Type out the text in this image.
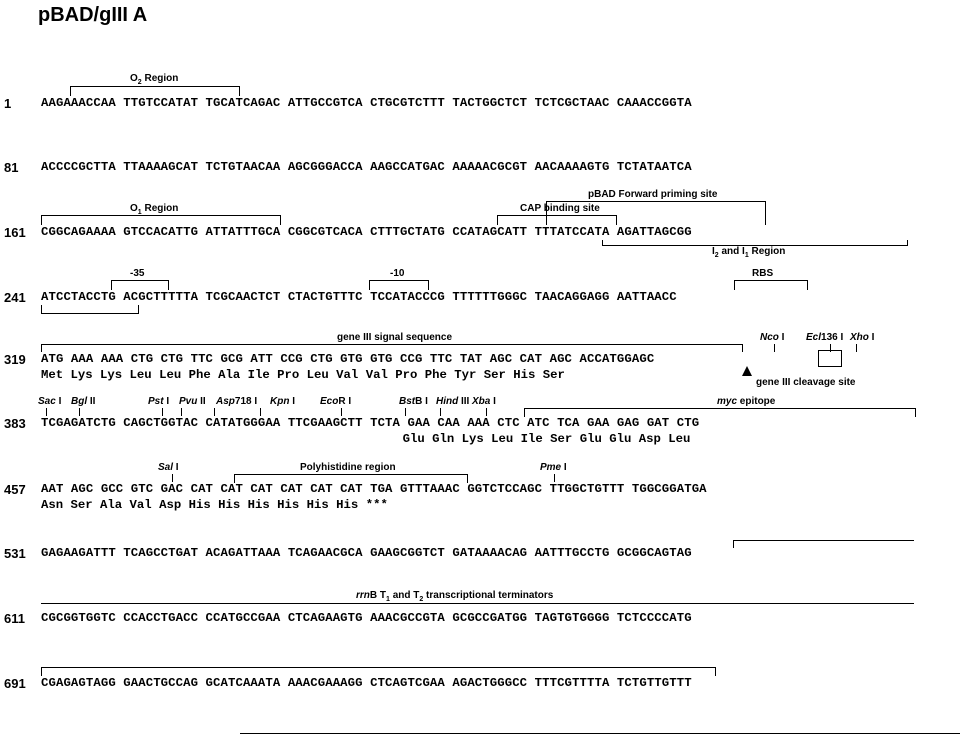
pBAD/gIII A
1 AAGAAACCAA TTGTCCATAT TGCATCAGAC ATTGCCGTCA CTGCGTCTTT TACTGGCTCT TCTCGCTAAC CAAACCGGTA
$O_2$ Region
81 ACCCCGCTTA TTAAAAGCAT TCTGTAACAA AGCGGGACCA AAGCCATGAC AAAAACGCGT AACAAAAGTG TCTATAATCA
161 CGGCAGAAAA GTCCACATTG ATTATTTGCA CGGCGTCACA CTTTGCTATG CCATAGCATT TTTATCCATA AGATTAGCGG
$O_1$ Region
pBAD Forward priming site
CAP binding site
$I_2$ and $I_1$ Region
241 ATCCTACCTG ACGCTTTTTA TCGCAACTCT CTACTGTTTC TCCATACCCG TTTTTTGGGC TAACAGGAGG AATTAACC
-35	-10	RBS
319 ATG AAA AAA CTG CTG TTC GCG ATT CCG CTG GTG GTG CCG TTC TAT AGC CAT AGC ACCATGGAGC
Met Lys Lys Leu Leu Phe Ala Ile Pro Leu Val Val Pro Phe Tyr Ser His Ser
gene III signal sequence	Nco I Ecl136 I Xho I
gene III cleavage site
383 TCGAGATCTG CAGCTGGTAC CATATGGGAA TTCGAAGCTT TCTA GAA CAA AAA CTC ATC TCA GAA GAG GAT CTG
Glu Gln Lys Leu Ile Ser Glu Glu Asp Leu
Sac I Bgl II	Pst I Pvu II Asp718 I Kpn I EcoR I	BstB I Hind III Xba I	myc epitope
457 AAT AGC GCC GTC GAC CAT CAT CAT CAT CAT CAT TGA GTTTAAAC GGTCTCCAGC TTGGCTGTTT TGGCGGATGA
Asn Ser Ala Val Asp His His His His His His ***
Sal I	Polyhistidine region	Pme I
531 GAGAAGATTT TCAGCCTGAT ACAGATTAAA TCAGAACGCA GAAGCGGTCT GATAAAACAG AATTTGCCTG GCGGCAGTAG
611 CGCGGTGGTC CCACCTGACC CCATGCCGAA CTCAGAAGTG AAACGCCGTA GCGCCGATGG TAGTGTGGGG TCTCCCCATG
rrnB $T_1$ and $T_2$ transcriptional terminators
691 CGAGAGTAGG GAACTGCCAG GCATCAAATA AAACGAAAGG CTCAGTCGAA AGACTGGGCC TTTCGTTTTA TCTGTTGTTT
